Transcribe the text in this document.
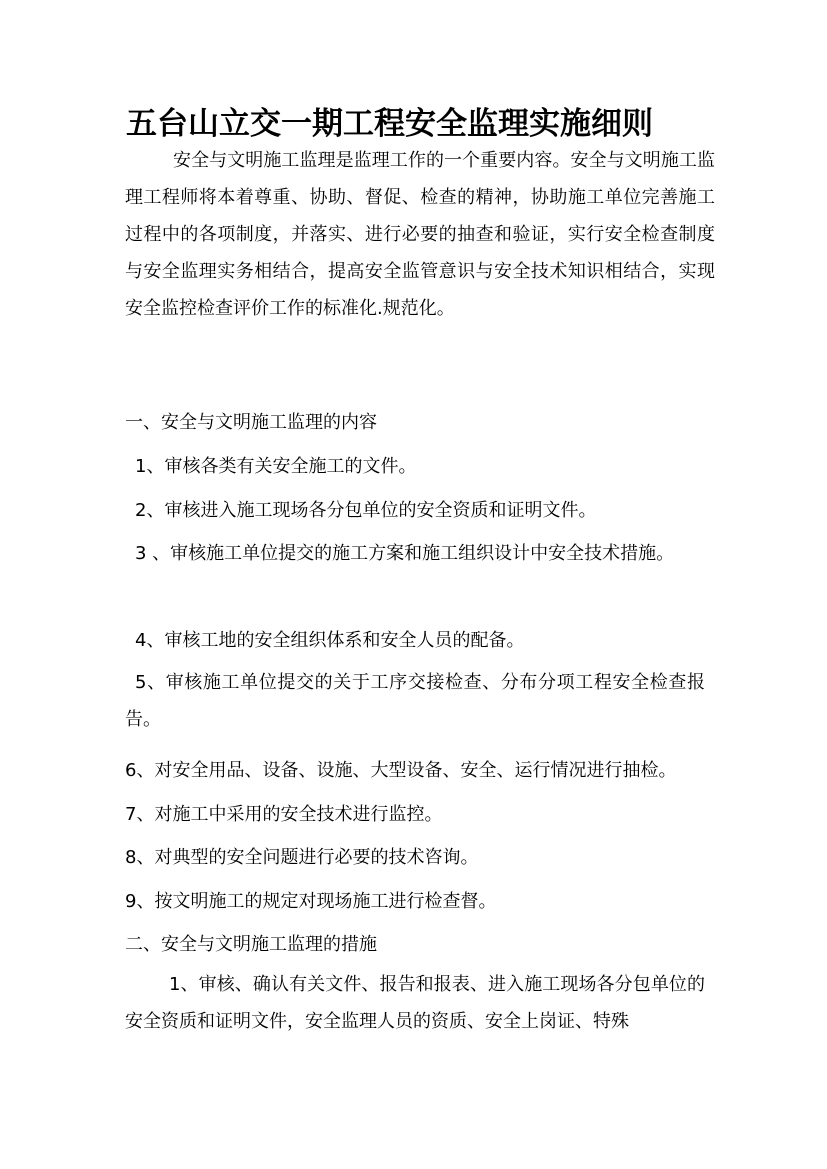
五台山立交一期工程安全监理实施细则

安全与文明施工监理是监理工作的一个重要内容。安全与文明施工监理工程师将本着尊重、协助、督促、检查的精神，协助施工单位完善施工过程中的各项制度，并落实、进行必要的抽查和验证，实行安全检查制度与安全监理实务相结合，提高安全监管意识与安全技术知识相结合，实现安全监控检查评价工作的标准化.规范化。

一、安全与文明施工监理的内容

1、审核各类有关安全施工的文件。

2、审核进入施工现场各分包单位的安全资质和证明文件。

3 、审核施工单位提交的施工方案和施工组织设计中安全技术措施。

4、审核工地的安全组织体系和安全人员的配备。

5、审核施工单位提交的关于工序交接检查、分布分项工程安全检查报告。

6、对安全用品、设备、设施、大型设备、安全、运行情况进行抽检。

7、对施工中采用的安全技术进行监控。

8、对典型的安全问题进行必要的技术咨询。

9、按文明施工的规定对现场施工进行检查督。

二、安全与文明施工监理的措施

1、审核、确认有关文件、报告和报表、进入施工现场各分包单位的安全资质和证明文件，安全监理人员的资质、安全上岗证、特殊
